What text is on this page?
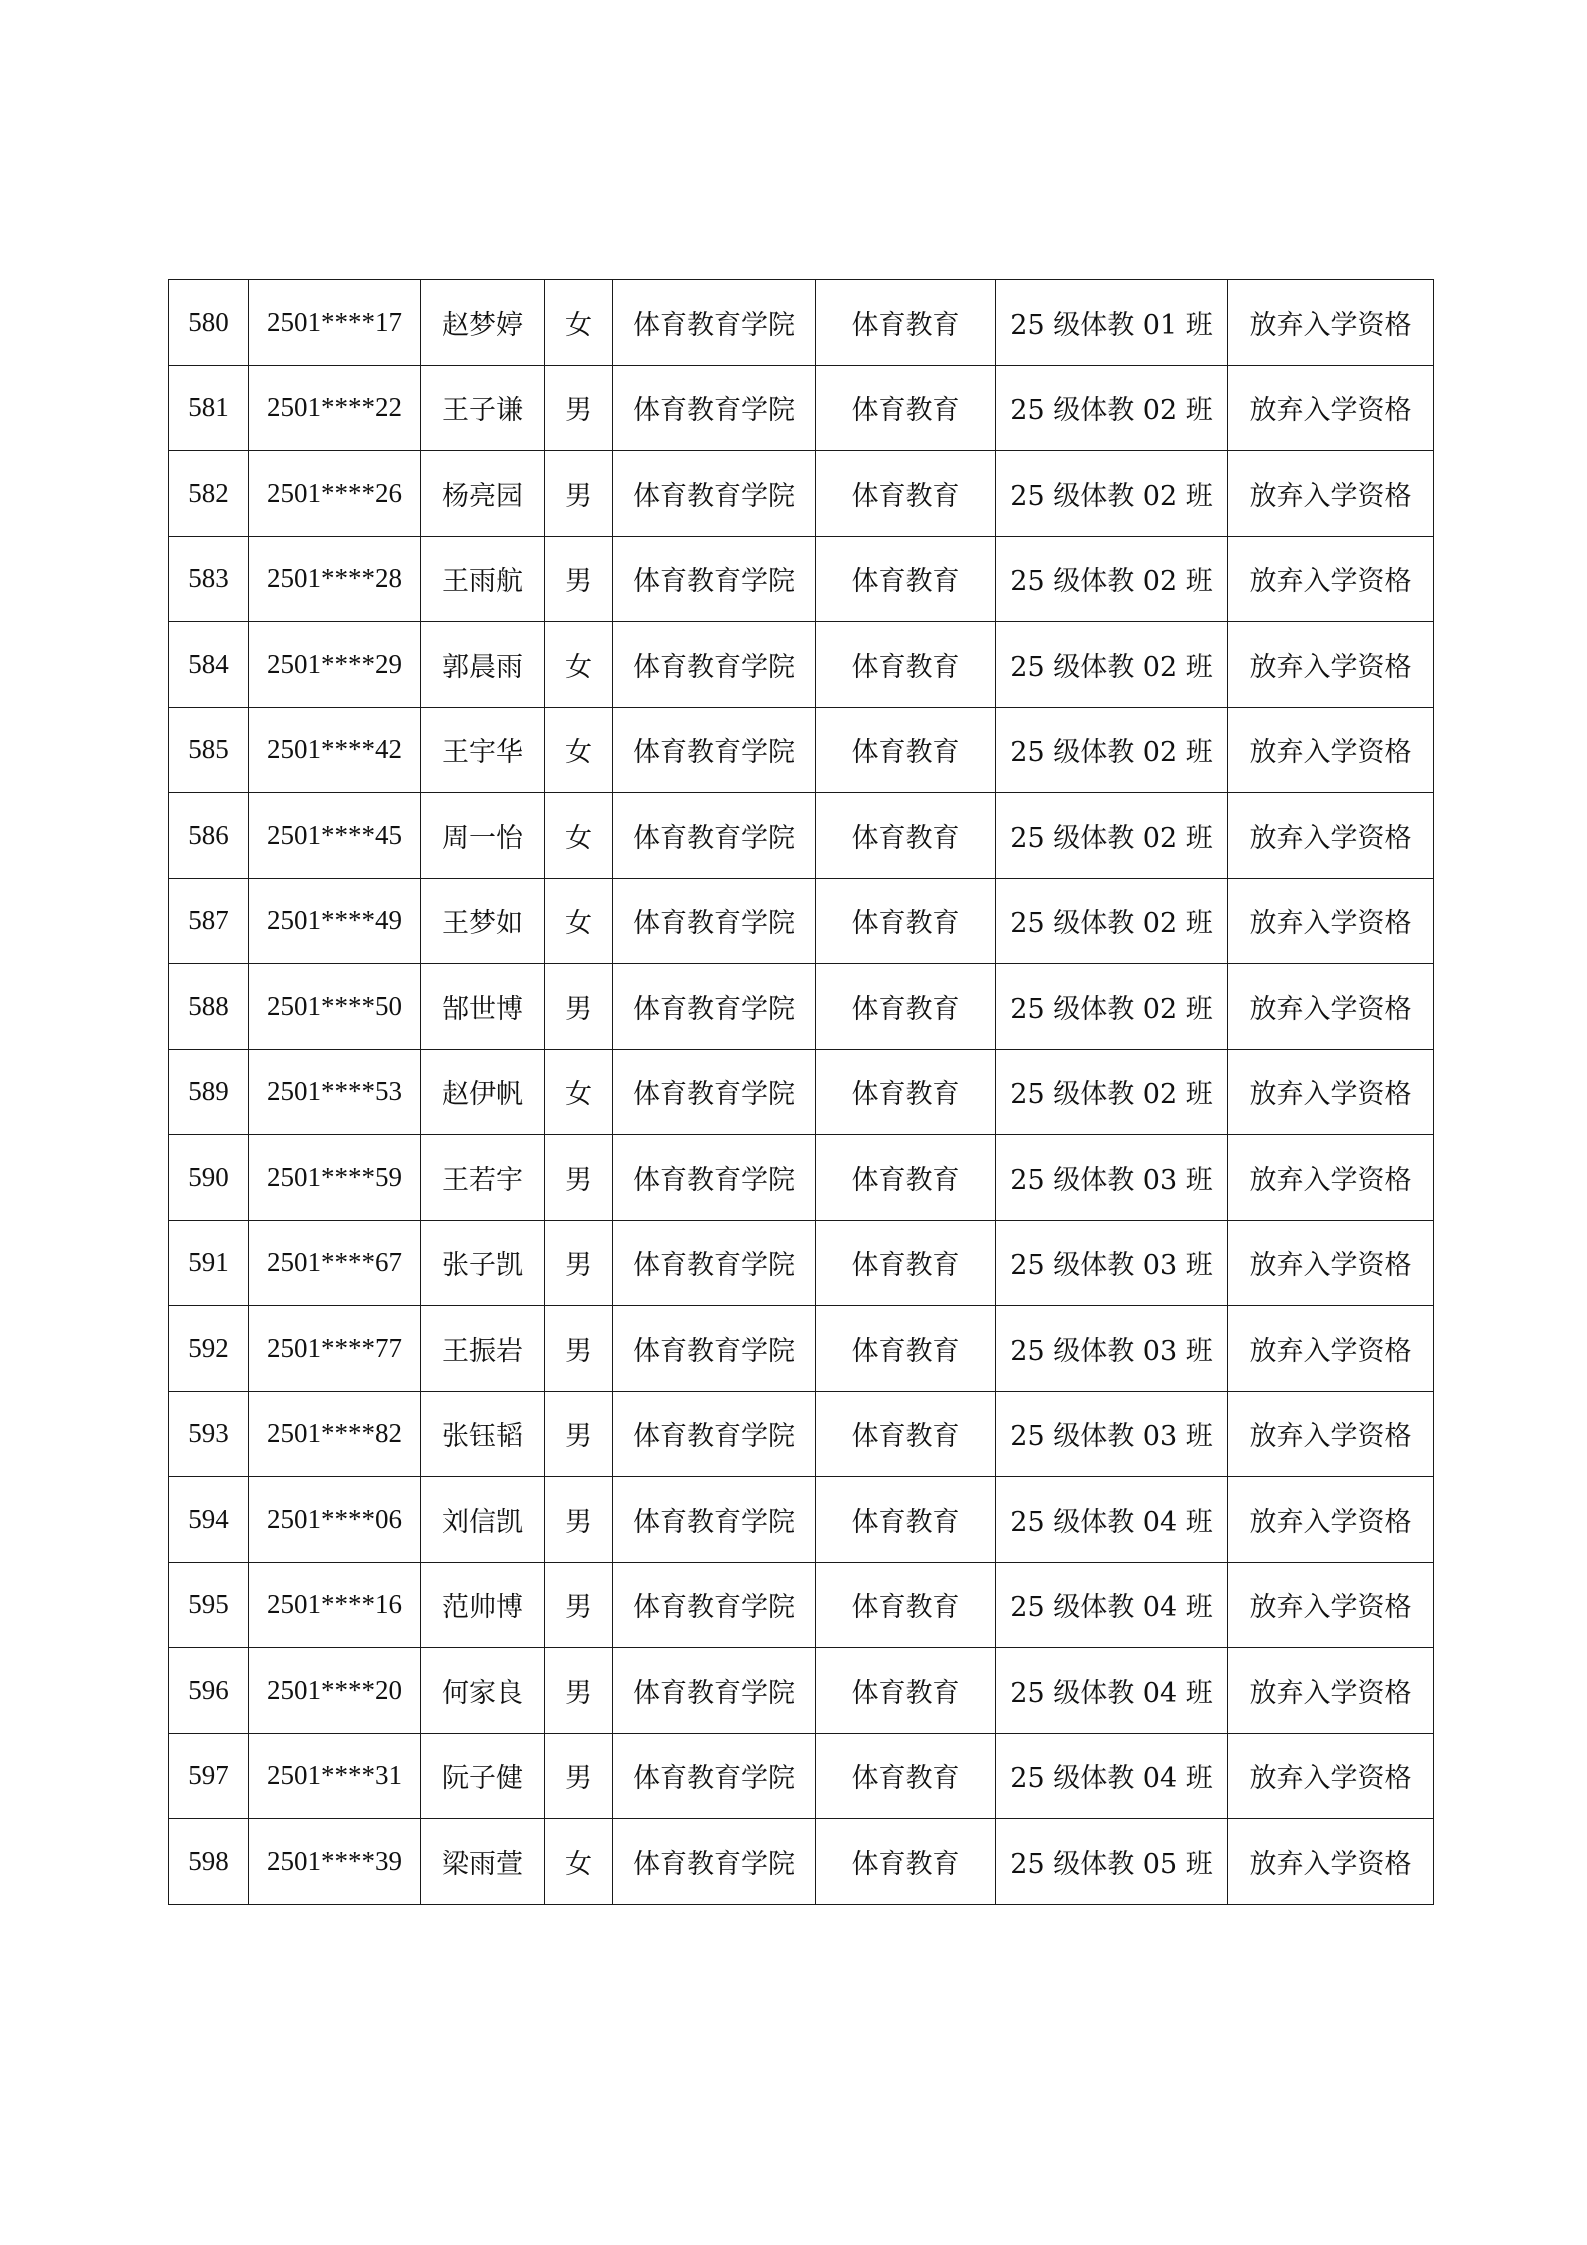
580	2501****17	赵梦婷	女	体育教育学院	体育教育	25 级体教 01 班	放弃入学资格
581	2501****22	王子谦	男	体育教育学院	体育教育	25 级体教 02 班	放弃入学资格
582	2501****26	杨亮园	男	体育教育学院	体育教育	25 级体教 02 班	放弃入学资格
583	2501****28	王雨航	男	体育教育学院	体育教育	25 级体教 02 班	放弃入学资格
584	2501****29	郭晨雨	女	体育教育学院	体育教育	25 级体教 02 班	放弃入学资格
585	2501****42	王宇华	女	体育教育学院	体育教育	25 级体教 02 班	放弃入学资格
586	2501****45	周一怡	女	体育教育学院	体育教育	25 级体教 02 班	放弃入学资格
587	2501****49	王梦如	女	体育教育学院	体育教育	25 级体教 02 班	放弃入学资格
588	2501****50	郜世博	男	体育教育学院	体育教育	25 级体教 02 班	放弃入学资格
589	2501****53	赵伊帆	女	体育教育学院	体育教育	25 级体教 02 班	放弃入学资格
590	2501****59	王若宇	男	体育教育学院	体育教育	25 级体教 03 班	放弃入学资格
591	2501****67	张子凯	男	体育教育学院	体育教育	25 级体教 03 班	放弃入学资格
592	2501****77	王振岩	男	体育教育学院	体育教育	25 级体教 03 班	放弃入学资格
593	2501****82	张钰韬	男	体育教育学院	体育教育	25 级体教 03 班	放弃入学资格
594	2501****06	刘信凯	男	体育教育学院	体育教育	25 级体教 04 班	放弃入学资格
595	2501****16	范帅博	男	体育教育学院	体育教育	25 级体教 04 班	放弃入学资格
596	2501****20	何家良	男	体育教育学院	体育教育	25 级体教 04 班	放弃入学资格
597	2501****31	阮子健	男	体育教育学院	体育教育	25 级体教 04 班	放弃入学资格
598	2501****39	梁雨萱	女	体育教育学院	体育教育	25 级体教 05 班	放弃入学资格
